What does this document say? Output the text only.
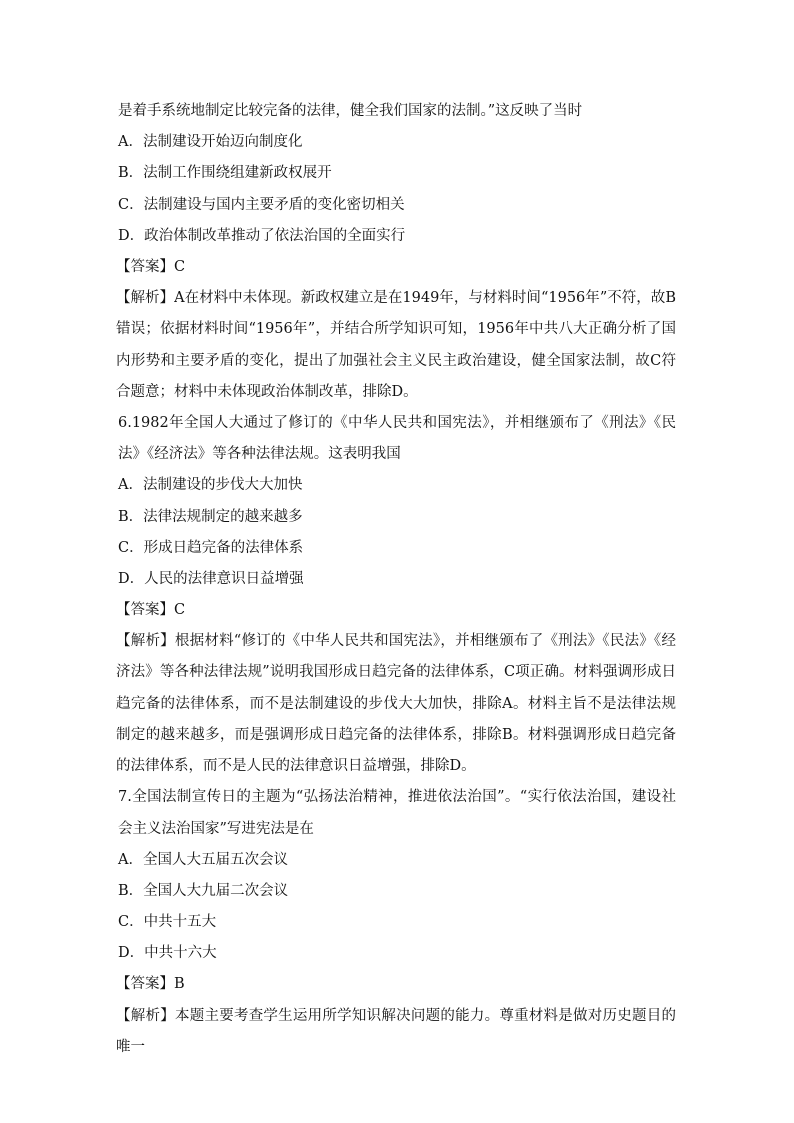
是着手系统地制定比较完备的法律，健全我们国家的法制。”这反映了当时
A．法制建设开始迈向制度化
B．法制工作围绕组建新政权展开
C．法制建设与国内主要矛盾的变化密切相关
D．政治体制改革推动了依法治国的全面实行
【答案】C
【解析】A在材料中未体现。新政权建立是在1949年，与材料时间“1956年”不符，故B错误；依据材料时间“1956年”，并结合所学知识可知，1956年中共八大正确分析了国内形势和主要矛盾的变化，提出了加强社会主义民主政治建设，健全国家法制，故C符合题意；材料中未体现政治体制改革，排除D。
6.1982年全国人大通过了修订的《中华人民共和国宪法》，并相继颁布了《刑法》《民法》《经济法》等各种法律法规。这表明我国
A．法制建设的步伐大大加快
B．法律法规制定的越来越多
C．形成日趋完备的法律体系
D．人民的法律意识日益增强
【答案】C
【解析】根据材料“修订的《中华人民共和国宪法》，并相继颁布了《刑法》《民法》《经济法》等各种法律法规”说明我国形成日趋完备的法律体系，C项正确。材料强调形成日趋完备的法律体系，而不是法制建设的步伐大大加快，排除A。材料主旨不是法律法规制定的越来越多，而是强调形成日趋完备的法律体系，排除B。材料强调形成日趋完备的法律体系，而不是人民的法律意识日益增强，排除D。
7.全国法制宣传日的主题为“弘扬法治精神，推进依法治国”。“实行依法治国，建设社会主义法治国家”写进宪法是在
A．全国人大五届五次会议
B．全国人大九届二次会议
C．中共十五大
D．中共十六大
【答案】B
【解析】本题主要考查学生运用所学知识解决问题的能力。尊重材料是做对历史题目的唯一
